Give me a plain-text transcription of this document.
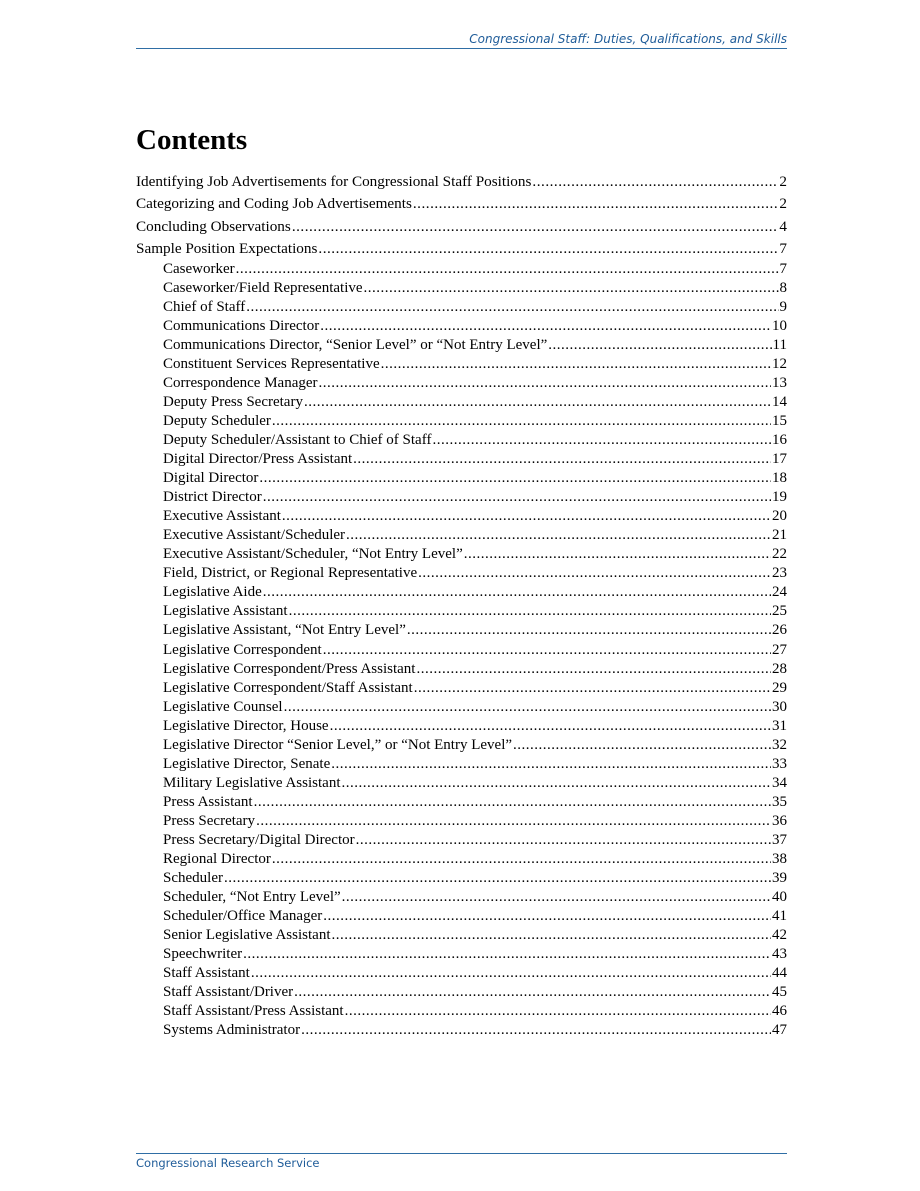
Congressional Staff: Duties, Qualifications, and Skills
Contents
Identifying Job Advertisements for Congressional Staff Positions .....	2
Categorizing and Coding Job Advertisements .....	2
Concluding Observations .....	4
Sample Position Expectations .....	7
Caseworker .....	7
Caseworker/Field Representative .....	8
Chief of Staff .....	9
Communications Director .....	10
Communications Director, “Senior Level” or “Not Entry Level” .....	11
Constituent Services Representative .....	12
Correspondence Manager .....	13
Deputy Press Secretary .....	14
Deputy Scheduler .....	15
Deputy Scheduler/Assistant to Chief of Staff .....	16
Digital Director/Press Assistant .....	17
Digital Director .....	18
District Director .....	19
Executive Assistant .....	20
Executive Assistant/Scheduler .....	21
Executive Assistant/Scheduler, “Not Entry Level” .....	22
Field, District, or Regional Representative .....	23
Legislative Aide .....	24
Legislative Assistant .....	25
Legislative Assistant, “Not Entry Level” .....	26
Legislative Correspondent .....	27
Legislative Correspondent/Press Assistant .....	28
Legislative Correspondent/Staff Assistant .....	29
Legislative Counsel .....	30
Legislative Director, House .....	31
Legislative Director “Senior Level,” or “Not Entry Level” .....	32
Legislative Director, Senate .....	33
Military Legislative Assistant .....	34
Press Assistant .....	35
Press Secretary .....	36
Press Secretary/Digital Director .....	37
Regional Director .....	38
Scheduler .....	39
Scheduler, “Not Entry Level” .....	40
Scheduler/Office Manager .....	41
Senior Legislative Assistant .....	42
Speechwriter .....	43
Staff Assistant .....	44
Staff Assistant/Driver .....	45
Staff Assistant/Press Assistant .....	46
Systems Administrator .....	47
Congressional Research Service
